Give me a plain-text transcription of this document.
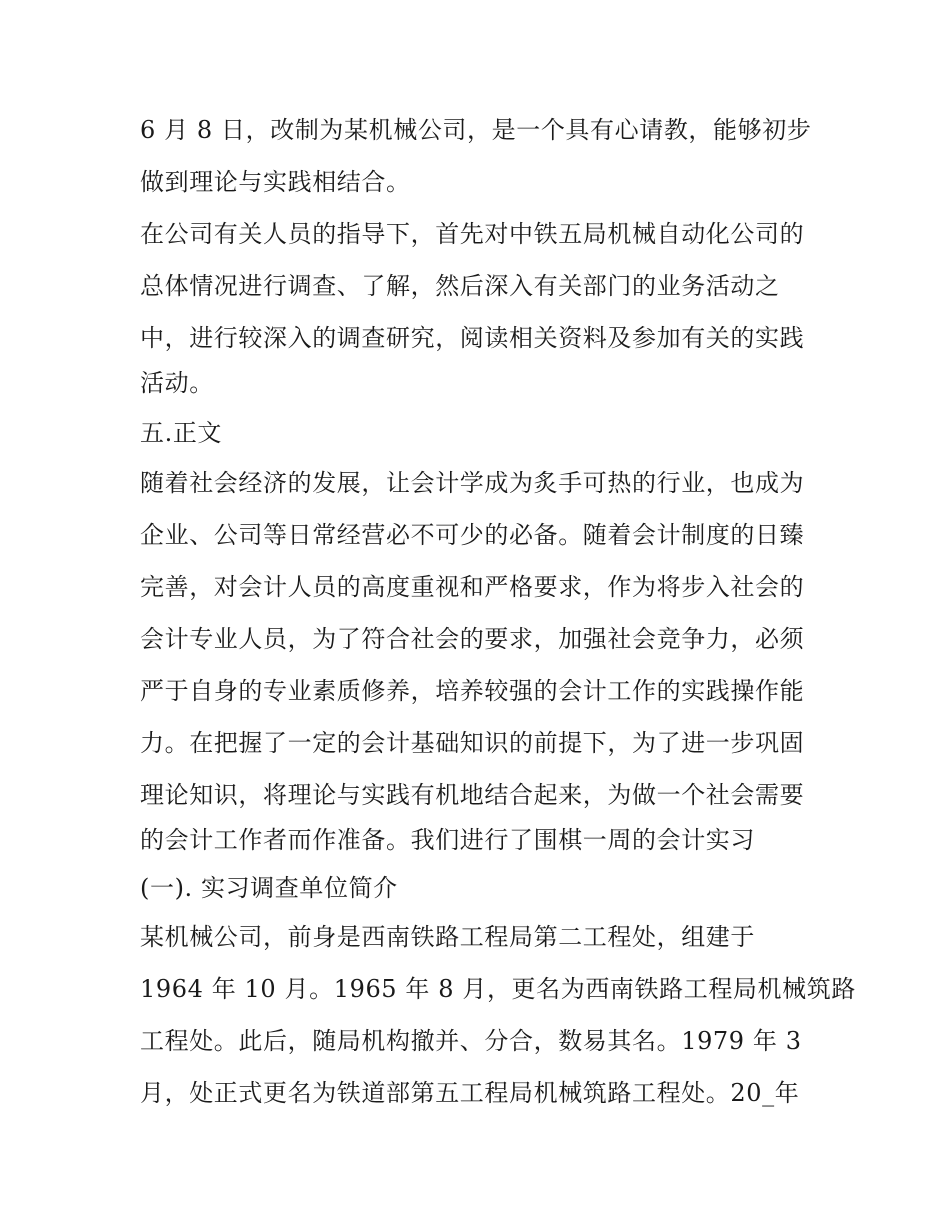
6 月 8 日，改制为某机械公司，是一个具有心请教，能够初步
做到理论与实践相结合。
在公司有关人员的指导下，首先对中铁五局机械自动化公司的
总体情况进行调查、了解，然后深入有关部门的业务活动之
中，进行较深入的调查研究，阅读相关资料及参加有关的实践
活动。
五.正文
随着社会经济的发展，让会计学成为炙手可热的行业，也成为
企业、公司等日常经营必不可少的必备。随着会计制度的日臻
完善，对会计人员的高度重视和严格要求，作为将步入社会的
会计专业人员，为了符合社会的要求，加强社会竞争力，必须
严于自身的专业素质修养，培养较强的会计工作的实践操作能
力。在把握了一定的会计基础知识的前提下，为了进一步巩固
理论知识，将理论与实践有机地结合起来，为做一个社会需要
的会计工作者而作准备。我们进行了围棋一周的会计实习
(一). 实习调查单位简介
某机械公司，前身是西南铁路工程局第二工程处，组建于
1964 年 10 月。1965 年 8 月，更名为西南铁路工程局机械筑路
工程处。此后，随局机构撤并、分合，数易其名。1979 年 3
月，处正式更名为铁道部第五工程局机械筑路工程处。20_年
